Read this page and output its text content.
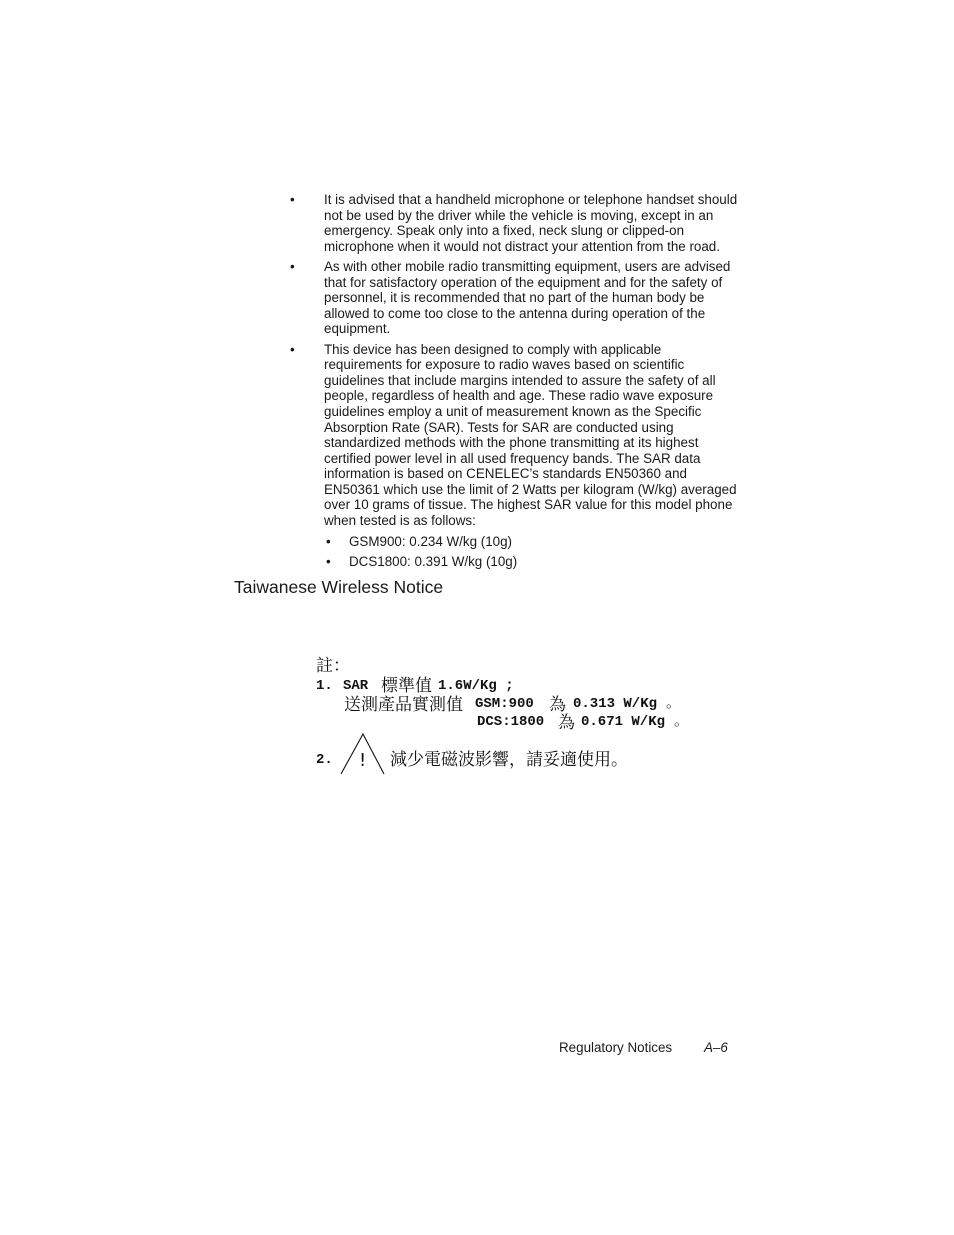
• It is advised that a handheld microphone or telephone handset should not be used by the driver while the vehicle is moving, except in an emergency. Speak only into a fixed, neck slung or clipped-on microphone when it would not distract your attention from the road.
• As with other mobile radio transmitting equipment, users are advised that for satisfactory operation of the equipment and for the safety of personnel, it is recommended that no part of the human body be allowed to come too close to the antenna during operation of the equipment.
• This device has been designed to comply with applicable requirements for exposure to radio waves based on scientific guidelines that include margins intended to assure the safety of all people, regardless of health and age. These radio wave exposure guidelines employ a unit of measurement known as the Specific Absorption Rate (SAR). Tests for SAR are conducted using standardized methods with the phone transmitting at its highest certified power level in all used frequency bands. The SAR data information is based on CENELEC’s standards EN50360 and EN50361 which use the limit of 2 Watts per kilogram (W/kg) averaged over 10 grams of tissue. The highest SAR value for this model phone when tested is as follows:
• GSM900: 0.234 W/kg (10g)
• DCS1800: 0.391 W/kg (10g)
Taiwanese Wireless Notice
註：
1. SAR 標準值 1.6W/Kg ;
送測產品實測值 GSM:900 為 0.313 W/Kg 。
DCS:1800 為 0.671 W/Kg 。
2. ! 減少電磁波影響，請妥適使用。
Regulatory Notices A–6
